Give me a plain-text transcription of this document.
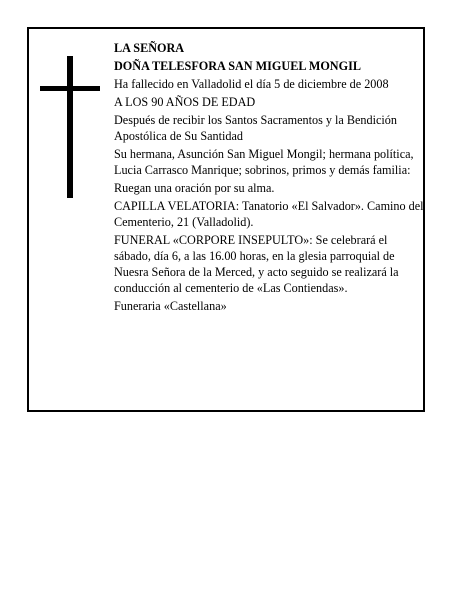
LA SEÑORA

DOÑA TELESFORA SAN MIGUEL MONGIL

Ha fallecido en Valladolid el día 5 de diciembre de 2008

A LOS 90 AÑOS DE EDAD

Después de recibir los Santos Sacramentos y la Bendición Apostólica de Su Santidad

Su hermana, Asunción San Miguel Mongil; hermana política, Lucia Carrasco Manrique; sobrinos, primos y demás familia:

Ruegan una oración por su alma.

CAPILLA VELATORIA: Tanatorio «El Salvador». Camino del Cementerio, 21 (Valladolid).

FUNERAL «CORPORE INSEPULTO»: Se celebrará el sábado, día 6, a las 16.00 horas, en la glesia parroquial de Nuesra Señora de la Merced, y acto seguido se realizará la conducción al cementerio de «Las Contiendas».

Funeraria «Castellana»
